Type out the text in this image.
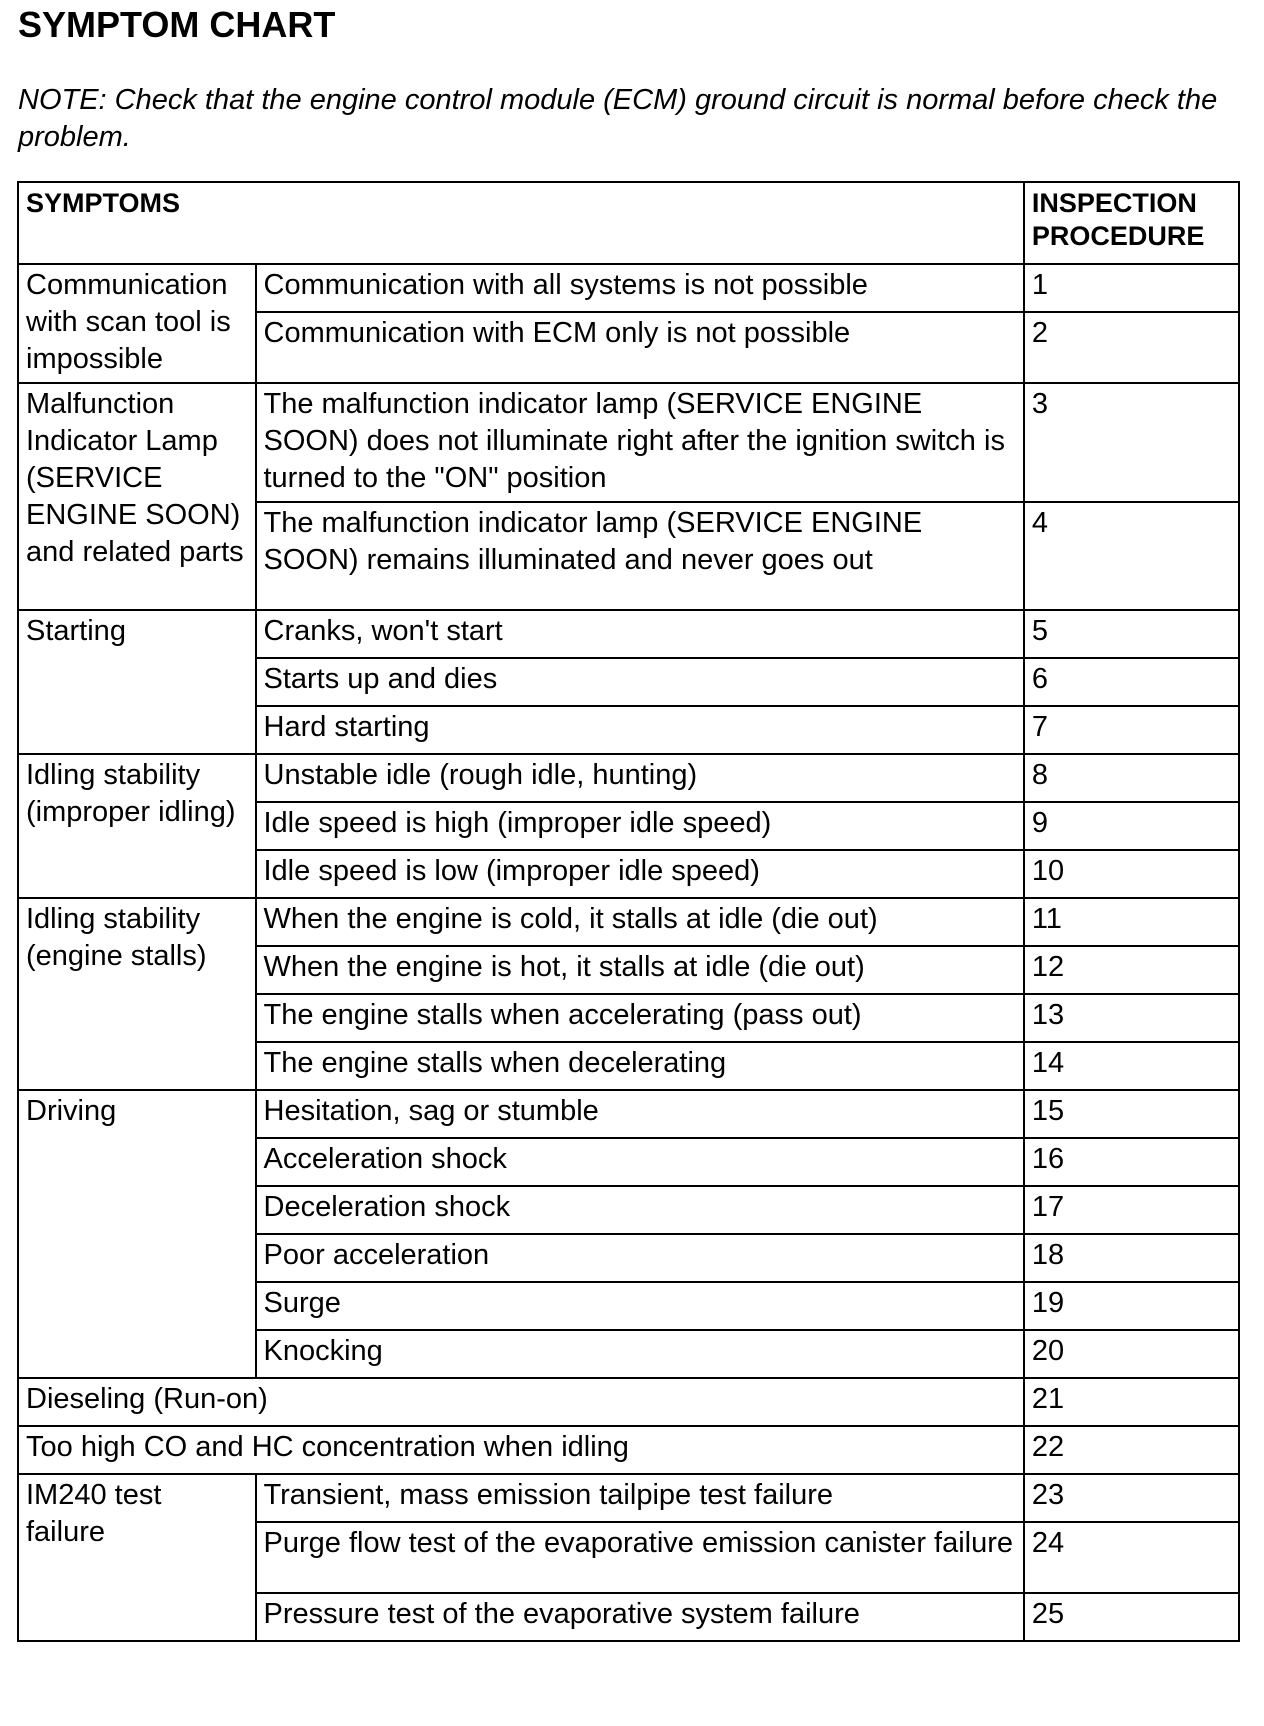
SYMPTOM CHART
NOTE: Check that the engine control module (ECM) ground circuit is normal before check the problem.
SYMPTOMS		INSPECTION PROCEDURE
Communication with scan tool is impossible	Communication with all systems is not possible	1
	Communication with ECM only is not possible	2
Malfunction Indicator Lamp (SERVICE ENGINE SOON) and related parts	The malfunction indicator lamp (SERVICE ENGINE SOON) does not illuminate right after the ignition switch is turned to the "ON" position	3
	The malfunction indicator lamp (SERVICE ENGINE SOON) remains illuminated and never goes out	4
Starting	Cranks, won't start	5
	Starts up and dies	6
	Hard starting	7
Idling stability (improper idling)	Unstable idle (rough idle, hunting)	8
	Idle speed is high (improper idle speed)	9
	Idle speed is low (improper idle speed)	10
Idling stability (engine stalls)	When the engine is cold, it stalls at idle (die out)	11
	When the engine is hot, it stalls at idle (die out)	12
	The engine stalls when accelerating (pass out)	13
	The engine stalls when decelerating	14
Driving	Hesitation, sag or stumble	15
	Acceleration shock	16
	Deceleration shock	17
	Poor acceleration	18
	Surge	19
	Knocking	20
Dieseling (Run-on)		21
Too high CO and HC concentration when idling		22
IM240 test failure	Transient, mass emission tailpipe test failure	23
	Purge flow test of the evaporative emission canister failure	24
	Pressure test of the evaporative system failure	25
